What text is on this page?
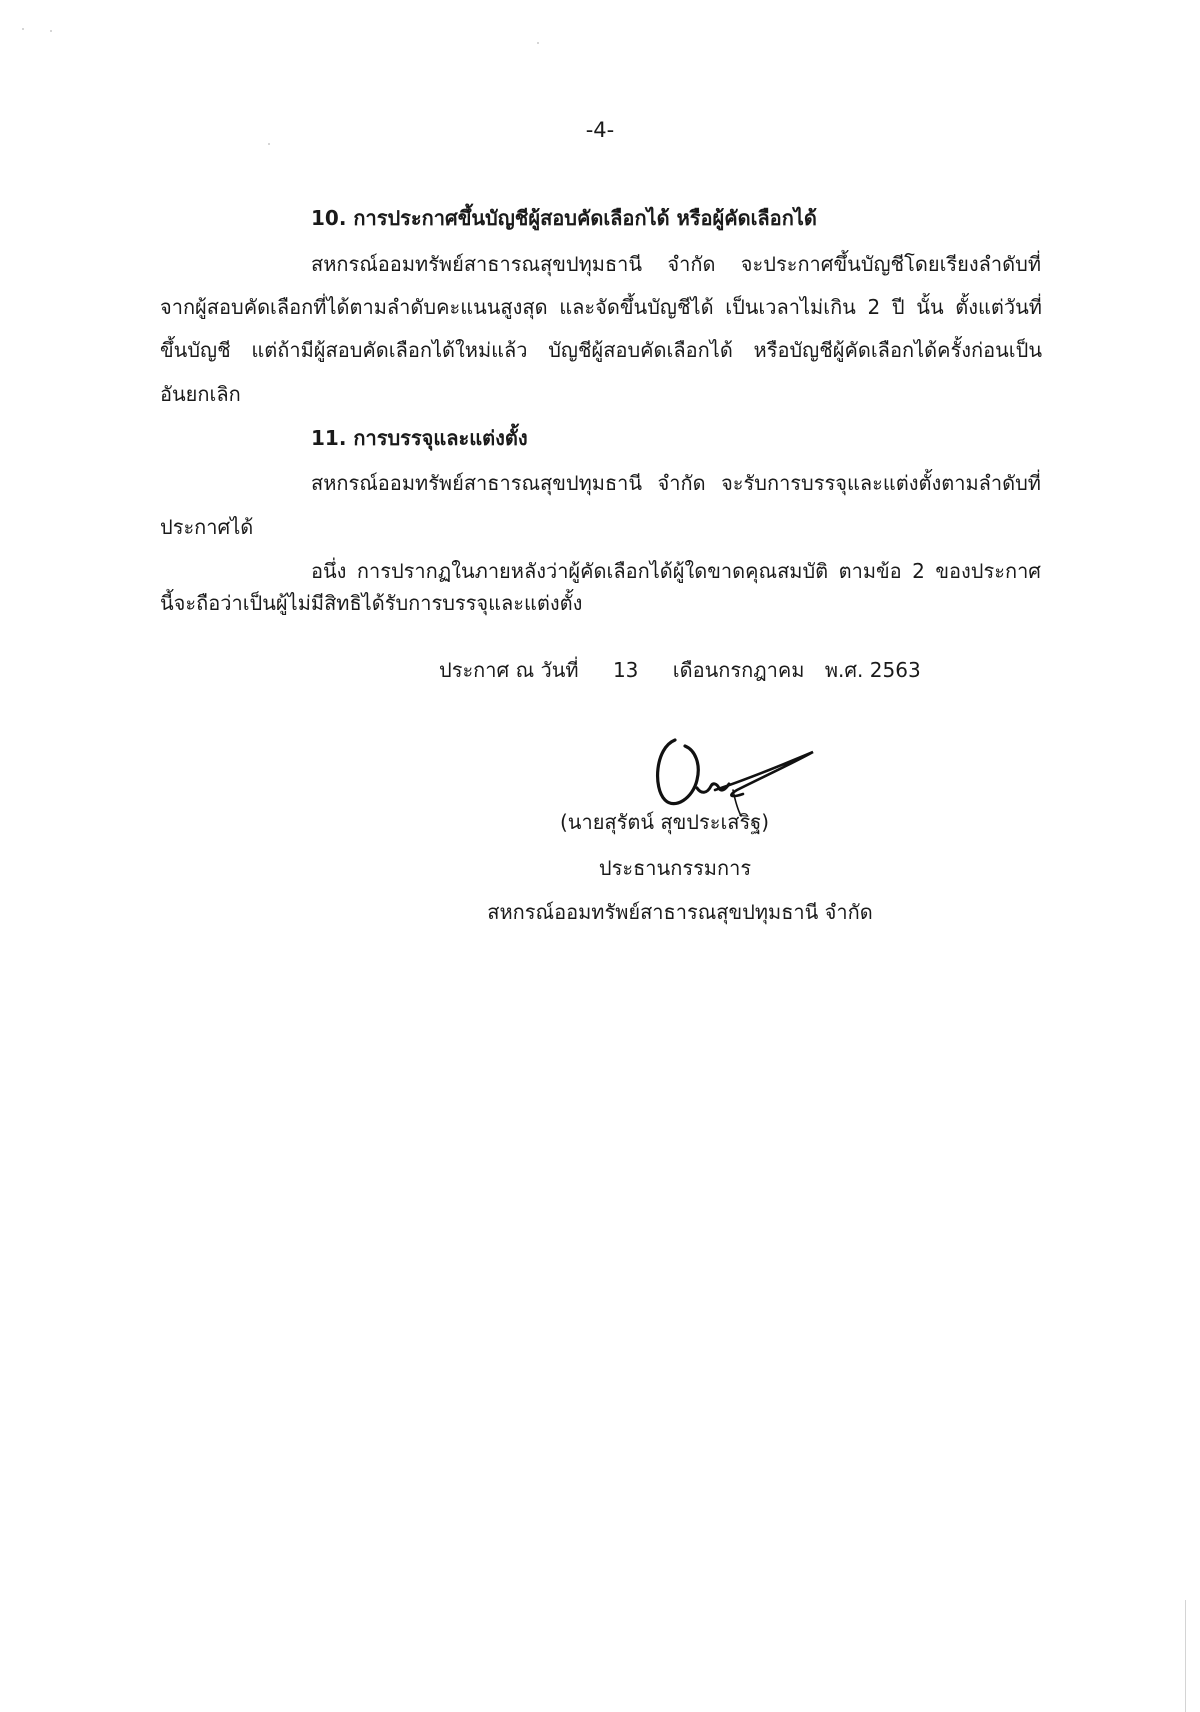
-4-
10. การประกาศขึ้นบัญชีผู้สอบคัดเลือกได้ หรือผู้คัดเลือกได้
สหกรณ์ออมทรัพย์สาธารณสุขปทุมธานี จำกัด จะประกาศขึ้นบัญชีโดยเรียงลำดับที่
จากผู้สอบคัดเลือกที่ได้ตามลำดับคะแนนสูงสุด และจัดขึ้นบัญชีได้ เป็นเวลาไม่เกิน 2 ปี นั้น ตั้งแต่วันที่
ขึ้นบัญชี แต่ถ้ามีผู้สอบคัดเลือกได้ใหม่แล้ว บัญชีผู้สอบคัดเลือกได้ หรือบัญชีผู้คัดเลือกได้ครั้งก่อนเป็น
อันยกเลิก
11. การบรรจุและแต่งตั้ง
สหกรณ์ออมทรัพย์สาธารณสุขปทุมธานี จำกัด จะรับการบรรจุและแต่งตั้งตามลำดับที่
ประกาศได้
อนึ่ง การปรากฏในภายหลังว่าผู้คัดเลือกได้ผู้ใดขาดคุณสมบัติ ตามข้อ 2 ของประกาศ
นี้จะถือว่าเป็นผู้ไม่มีสิทธิได้รับการบรรจุและแต่งตั้ง
ประกาศ ณ วันที่ 13 เดือนกรกฎาคม พ.ศ. 2563
(นายสุรัตน์ สุขประเสริฐ)
ประธานกรรมการ
สหกรณ์ออมทรัพย์สาธารณสุขปทุมธานี จำกัด
